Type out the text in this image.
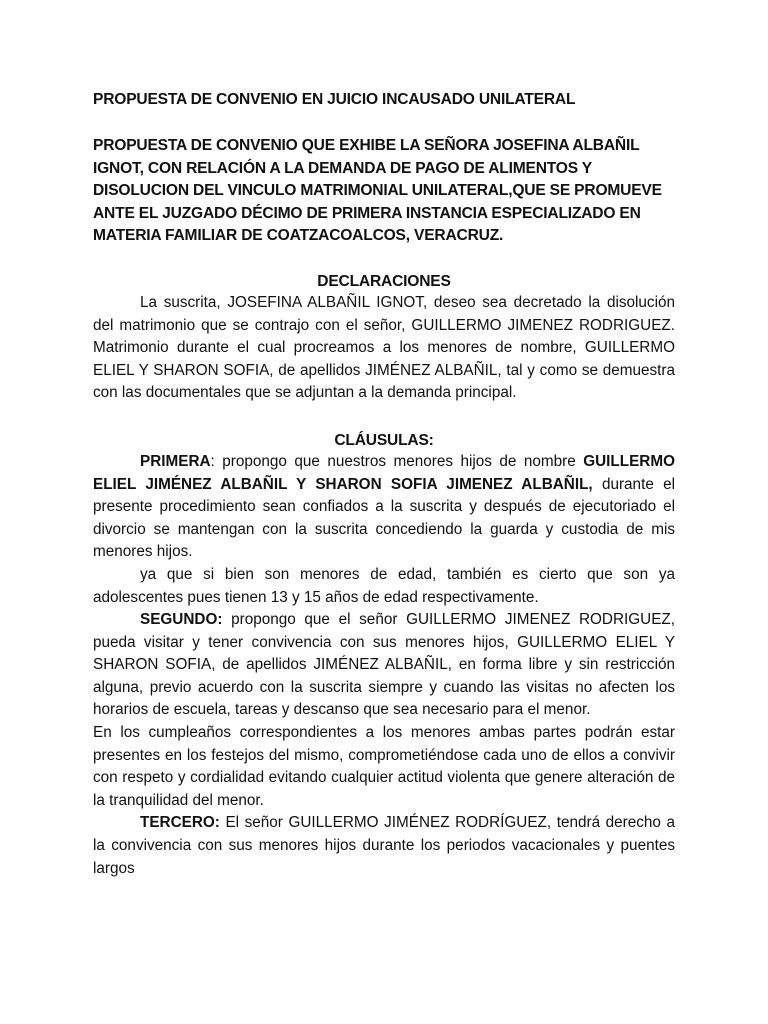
PROPUESTA DE CONVENIO EN JUICIO INCAUSADO UNILATERAL

PROPUESTA DE CONVENIO QUE EXHIBE LA SEÑORA JOSEFINA ALBAÑIL IGNOT, CON RELACIÓN A LA DEMANDA DE PAGO DE ALIMENTOS Y DISOLUCION DEL VINCULO MATRIMONIAL UNILATERAL,QUE SE PROMUEVE ANTE EL JUZGADO DÉCIMO DE PRIMERA INSTANCIA ESPECIALIZADO EN MATERIA FAMILIAR DE COATZACOALCOS, VERACRUZ.

DECLARACIONES

La suscrita, JOSEFINA ALBAÑIL IGNOT, deseo sea decretado la disolución del matrimonio que se contrajo con el señor, GUILLERMO JIMENEZ RODRIGUEZ. Matrimonio durante el cual procreamos a los menores de nombre, GUILLERMO ELIEL Y SHARON SOFIA, de apellidos JIMÉNEZ ALBAÑIL, tal y como se demuestra con las documentales que se adjuntan a la demanda principal.

CLÁUSULAS:

PRIMERA: propongo que nuestros menores hijos de nombre GUILLERMO ELIEL JIMÉNEZ ALBAÑIL Y SHARON SOFIA JIMENEZ ALBAÑIL, durante el presente procedimiento sean confiados a la suscrita y después de ejecutoriado el divorcio se mantengan con la suscrita concediendo la guarda y custodia de mis menores hijos.

ya que si bien son menores de edad, también es cierto que son ya adolescentes pues tienen 13 y 15 años de edad respectivamente.

SEGUNDO: propongo que el señor GUILLERMO JIMENEZ RODRIGUEZ, pueda visitar y tener convivencia con sus menores hijos, GUILLERMO ELIEL Y SHARON SOFIA, de apellidos JIMÉNEZ ALBAÑIL, en forma libre y sin restricción alguna, previo acuerdo con la suscrita siempre y cuando las visitas no afecten los horarios de escuela, tareas y descanso que sea necesario para el menor.

En los cumpleaños correspondientes a los menores ambas partes podrán estar presentes en los festejos del mismo, comprometiéndose cada uno de ellos a convivir con respeto y cordialidad evitando cualquier actitud violenta que genere alteración de la tranquilidad del menor.

TERCERO: El señor GUILLERMO JIMÉNEZ RODRÍGUEZ, tendrá derecho a la convivencia con sus menores hijos durante los periodos vacacionales y puentes largos
